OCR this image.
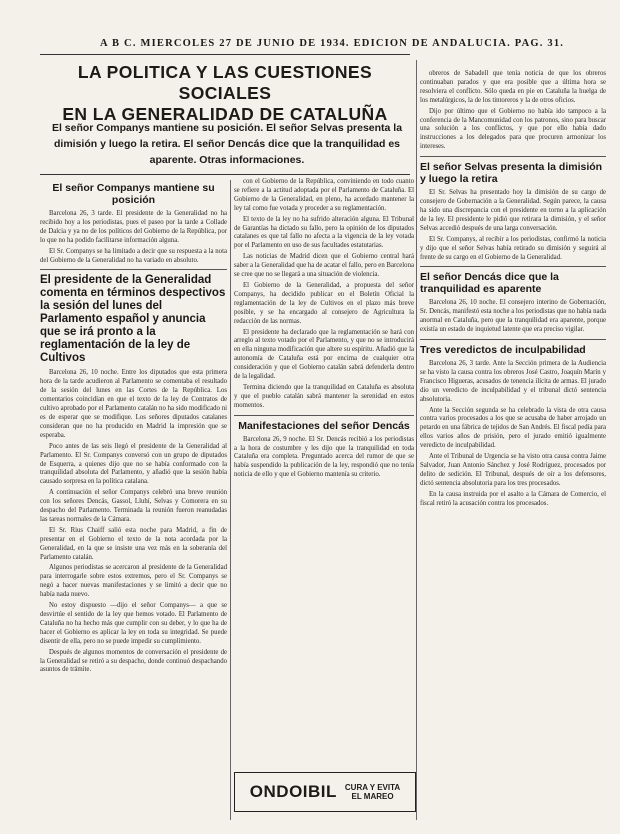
A B C. MIERCOLES 27 DE JUNIO DE 1934. EDICION DE ANDALUCIA. PAG. 31.
LA POLITICA Y LAS CUESTIONES SOCIALES
EN LA GENERALIDAD DE CATALUÑA
El señor Companys mantiene su posición. El señor Selvas presenta la dimisión y luego la retira. El señor Dencás dice que la tranquilidad es aparente. Otras informaciones.
El señor Companys mantiene su posición

Barcelona 26, 3 tarde. El presidente de la Generalidad no ha recibido hoy a los periodistas, pues el paseo por la tarde a Collade de Dalcia y ya no de los políticos del Gobierno de la República, por lo que no ha podido facilitarse información alguna.

El Sr. Companys se ha limitado a decir que su respuesta a la nota del Gobierno de la Generalidad no ha variado en absoluto.

El presidente de la Generalidad comenta en términos despectivos la sesión del lunes del Parlamento español y anuncia que se irá pronto a la reglamentación de la ley de Cultivos

Barcelona 26, 10 noche. Entre los diputados que esta primera hora de la tarde acudieron al Parlamento se comentaba el resultado de la sesión del lunes en las Cortes de la República. Los comentarios coincidían en que el texto de la ley de Contratos de cultivo aprobado por el Parlamento catalán no ha sido modificado ni es de esperar que se modifique. Los señores diputados catalanes consideran que no ha producido en Madrid la impresión que se esperaba.

Poco antes de las seis llegó el presidente de la Generalidad al Parlamento. El Sr. Companys conversó con un grupo de diputados de Esquerra, a quienes dijo que no se había conformado con la tranquilidad absoluta del Parlamento, y añadió que la sesión había causado sorpresa en la política catalana.

A continuación el señor Companys celebró una breve reunión con los señores Dencás, Gassol, Lluhí, Selvas y Comorera en su despacho del Parlamento. Terminada la reunión fueron reanudadas las tareas normales de la Cámara.

El Sr. Rius Chaiff salió esta noche para Madrid, a fin de presentar en el Gobierno el texto de la nota acordada por la Generalidad, en la que se insiste una vez más en la soberanía del Parlamento catalán.

Algunos periodistas se acercaron al presidente de la Generalidad para interrogarle sobre estos extremos, pero el Sr. Companys se negó a hacer nuevas manifestaciones y se limitó a decir que no había nada nuevo.

No estoy dispuesto —dijo el señor Companys— a que se desvirtúe el sentido de la ley que hemos votado. El Parlamento de Cataluña no ha hecho más que cumplir con su deber, y lo que ha de hacer el Gobierno es aplicar la ley en toda su integridad. Se puede disentir de ella, pero no se puede impedir su cumplimiento.

Después de algunos momentos de conversación el presidente de la Generalidad se retiró a su despacho, donde continuó despachando asuntos de trámite.

con el Gobierno de la República, conviniendo en todo cuanto se refiere a la actitud adoptada por el Parlamento de Cataluña. El Gobierno de la Generalidad, en pleno, ha acordado mantener la ley tal como fue votada y proceder a su reglamentación.

El texto de la ley no ha sufrido alteración alguna. El Tribunal de Garantías ha dictado su fallo, pero la opinión de los diputados catalanes es que tal fallo no afecta a la vigencia de la ley votada por el Parlamento en uso de sus facultades estatutarias.

Las noticias de Madrid dicen que el Gobierno central hará saber a la Generalidad que ha de acatar el fallo, pero en Barcelona se cree que no se llegará a una situación de violencia.

El Gobierno de la Generalidad, a propuesta del señor Companys, ha decidido publicar en el Boletín Oficial la reglamentación de la ley de Cultivos en el plazo más breve posible, y se ha encargado al consejero de Agricultura la redacción de las normas.

El presidente ha declarado que la reglamentación se hará con arreglo al texto votado por el Parlamento, y que no se introducirá en ella ninguna modificación que altere su espíritu. Añadió que la autonomía de Cataluña está por encima de cualquier otra consideración y que el Gobierno catalán sabrá defenderla dentro de la legalidad.

Termina diciendo que la tranquilidad en Cataluña es absoluta y que el pueblo catalán sabrá mantener la serenidad en estos momentos.

Manifestaciones del señor Dencás

Barcelona 26, 9 noche. El Sr. Dencás recibió a los periodistas a la hora de costumbre y les dijo que la tranquilidad en toda Cataluña era completa. Preguntado acerca del rumor de que se había suspendido la publicación de la ley, respondió que no tenía noticia de ello y que el Gobierno mantenía su criterio.

obreros de Sabadell que tenía noticia de que los obreros continuaban parados y que era posible que a última hora se resolviera el conflicto. Sólo queda en pie en Cataluña la huelga de los metalúrgicos, la de los tintoreros y la de otros oficios.

Dijo por último que el Gobierno no había ido tampoco a la conferencia de la Mancomunidad con los patronos, sino para buscar una solución a los conflictos, y que por ello había dado instrucciones a los delegados para que procuren armonizar los intereses.

El señor Selvas presenta la dimisión y luego la retira

El Sr. Selvas ha presentado hoy la dimisión de su cargo de consejero de Gobernación a la Generalidad. Según parece, la causa ha sido una discrepancia con el presidente en torno a la aplicación de la ley. El presidente le pidió que retirara la dimisión, y el señor Selvas accedió después de una larga conversación.

El Sr. Companys, al recibir a los periodistas, confirmó la noticia y dijo que el señor Selvas había retirado su dimisión y seguirá al frente de su cargo en el Gobierno de la Generalidad.

El señor Dencás dice que la tranquilidad es aparente

Barcelona 26, 10 noche. El consejero interino de Gobernación, Sr. Dencás, manifestó esta noche a los periodistas que no había nada anormal en Cataluña, pero que la tranquilidad era aparente, porque existía un estado de inquietud latente que era preciso vigilar.

Tres veredictos de inculpabilidad

Barcelona 26, 3 tarde. Ante la Sección primera de la Audiencia se ha visto la causa contra los obreros José Castro, Joaquín Marín y Francisco Higueras, acusados de tenencia ilícita de armas. El jurado dio un veredicto de inculpabilidad y el tribunal dictó sentencia absolutoria.

Ante la Sección segunda se ha celebrado la vista de otra causa contra varios procesados a los que se acusaba de haber arrojado un petardo en una fábrica de tejidos de San Andrés. El fiscal pedía para ellos varios años de prisión, pero el jurado emitió igualmente veredicto de inculpabilidad.

Ante el Tribunal de Urgencia se ha visto otra causa contra Jaime Salvador, Juan Antonio Sánchez y José Rodríguez, procesados por delito de sedición. El Tribunal, después de oír a los defensores, dictó sentencia absolutoria para los tres procesados.

En la causa instruida por el asalto a la Cámara de Comercio, el fiscal retiró la acusación contra los procesados.

ONDOIBIL CURA Y EVITA
EL MAREO
